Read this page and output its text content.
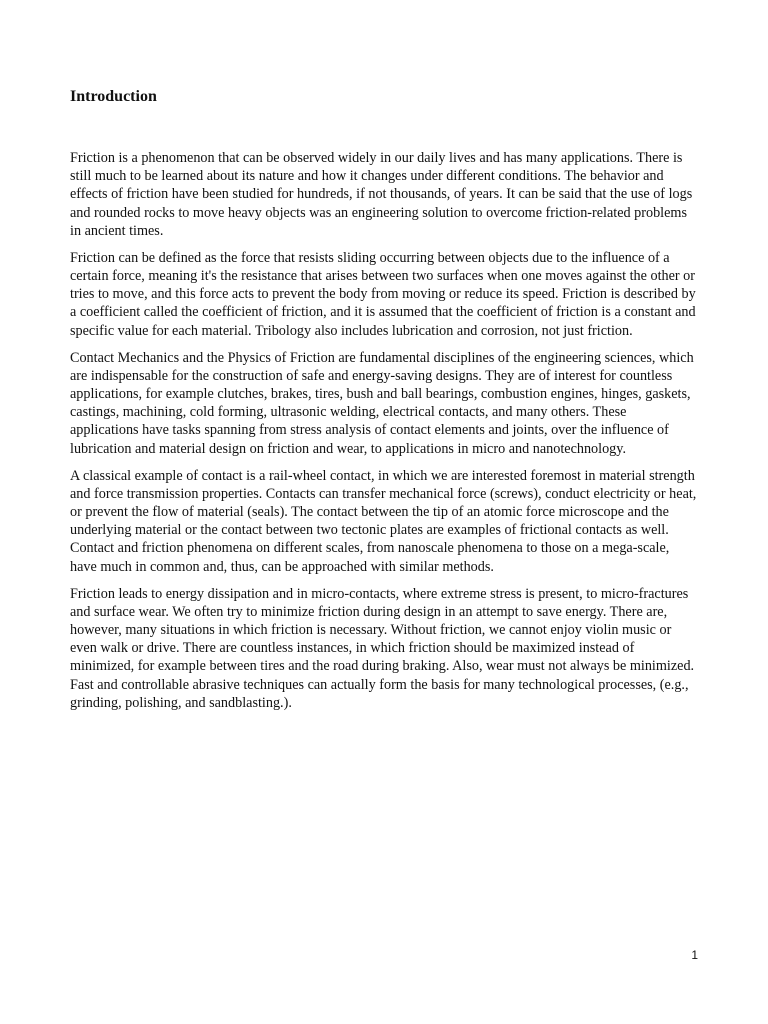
Introduction

Friction is a phenomenon that can be observed widely in our daily lives and has many applications. There is still much to be learned about its nature and how it changes under different conditions. The behavior and effects of friction have been studied for hundreds, if not thousands, of years. It can be said that the use of logs and rounded rocks to move heavy objects was an engineering solution to overcome friction-related problems in ancient times.

Friction can be defined as the force that resists sliding occurring between objects due to the influence of a certain force, meaning it's the resistance that arises between two surfaces when one moves against the other or tries to move, and this force acts to prevent the body from moving or reduce its speed. Friction is described by a coefficient called the coefficient of friction, and it is assumed that the coefficient of friction is a constant and specific value for each material. Tribology also includes lubrication and corrosion, not just friction.

Contact Mechanics and the Physics of Friction are fundamental disciplines of the engineering sciences, which are indispensable for the construction of safe and energy-saving designs. They are of interest for countless applications, for example clutches, brakes, tires, bush and ball bearings, combustion engines, hinges, gaskets, castings, machining, cold forming, ultrasonic welding, electrical contacts, and many others. These applications have tasks spanning from stress analysis of contact elements and joints, over the influence of lubrication and material design on friction and wear, to applications in micro and nanotechnology.

A classical example of contact is a rail-wheel contact, in which we are interested foremost in material strength and force transmission properties. Contacts can transfer mechanical force (screws), conduct electricity or heat, or prevent the flow of material (seals). The contact between the tip of an atomic force microscope and the underlying material or the contact between two tectonic plates are examples of frictional contacts as well. Contact and friction phenomena on different scales, from nanoscale phenomena to those on a mega-scale, have much in common and, thus, can be approached with similar methods.

Friction leads to energy dissipation and in micro-contacts, where extreme stress is present, to micro-fractures and surface wear. We often try to minimize friction during design in an attempt to save energy. There are, however, many situations in which friction is necessary. Without friction, we cannot enjoy violin music or even walk or drive. There are countless instances, in which friction should be maximized instead of minimized, for example between tires and the road during braking. Also, wear must not always be minimized. Fast and controllable abrasive techniques can actually form the basis for many technological processes, (e.g., grinding, polishing, and sandblasting.).

1
